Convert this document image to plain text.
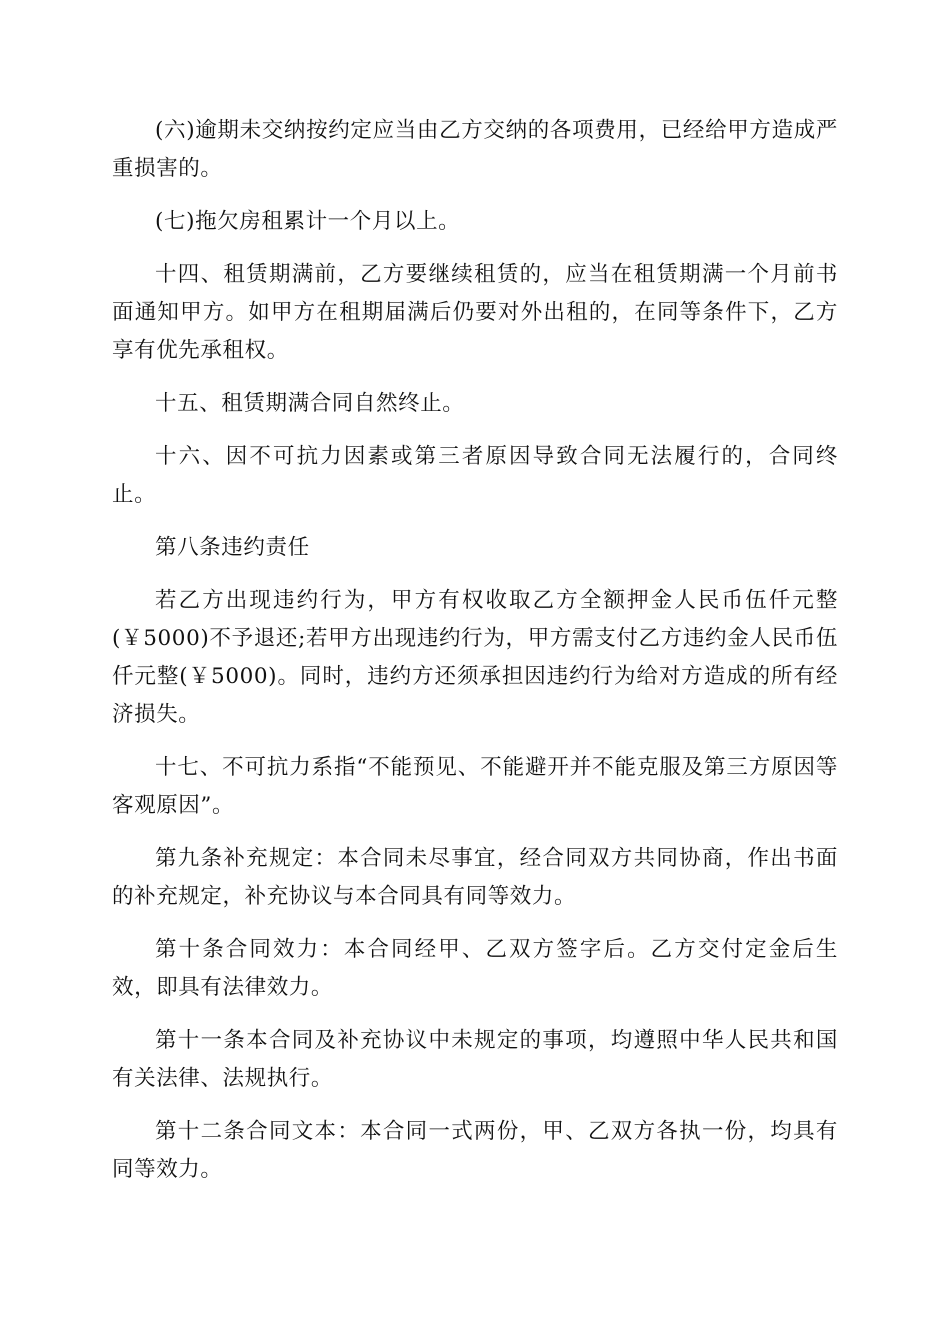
(六)逾期未交纳按约定应当由乙方交纳的各项费用，已经给甲方造成严重损害的。

(七)拖欠房租累计一个月以上。

十四、租赁期满前，乙方要继续租赁的，应当在租赁期满一个月前书面通知甲方。如甲方在租期届满后仍要对外出租的，在同等条件下，乙方享有优先承租权。

十五、租赁期满合同自然终止。

十六、因不可抗力因素或第三者原因导致合同无法履行的，合同终止。

第八条违约责任

若乙方出现违约行为，甲方有权收取乙方全额押金人民币伍仟元整(￥5000)不予退还;若甲方出现违约行为，甲方需支付乙方违约金人民币伍仟元整(￥5000)。同时，违约方还须承担因违约行为给对方造成的所有经济损失。

十七、不可抗力系指“不能预见、不能避开并不能克服及第三方原因等客观原因”。

第九条补充规定：本合同未尽事宜，经合同双方共同协商，作出书面的补充规定，补充协议与本合同具有同等效力。

第十条合同效力：本合同经甲、乙双方签字后。乙方交付定金后生效，即具有法律效力。

第十一条本合同及补充协议中未规定的事项，均遵照中华人民共和国有关法律、法规执行。

第十二条合同文本：本合同一式两份，甲、乙双方各执一份，均具有同等效力。
